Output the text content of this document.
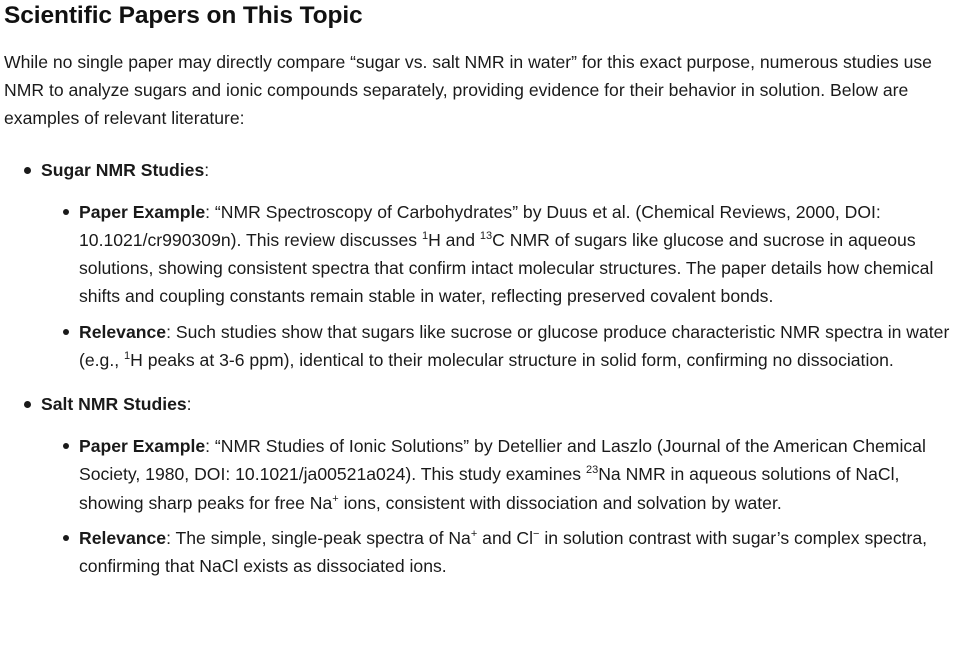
Scientific Papers on This Topic

While no single paper may directly compare “sugar vs. salt NMR in water” for this exact purpose, numerous studies use NMR to analyze sugars and ionic compounds separately, providing evidence for their behavior in solution. Below are examples of relevant literature:

Sugar NMR Studies:
Paper Example: “NMR Spectroscopy of Carbohydrates” by Duus et al. (Chemical Reviews, 2000, DOI: 10.1021/cr990309n). This review discusses $^1$H and $^{13}$C NMR of sugars like glucose and sucrose in aqueous solutions, showing consistent spectra that confirm intact molecular structures. The paper details how chemical shifts and coupling constants remain stable in water, reflecting preserved covalent bonds.
Relevance: Such studies show that sugars like sucrose or glucose produce characteristic NMR spectra in water (e.g., $^1$H peaks at 3-6 ppm), identical to their molecular structure in solid form, confirming no dissociation.
Salt NMR Studies:
Paper Example: “NMR Studies of Ionic Solutions” by Detellier and Laszlo (Journal of the American Chemical Society, 1980, DOI: 10.1021/ja00521a024). This study examines $^{23}$Na NMR in aqueous solutions of NaCl, showing sharp peaks for free Na+ ions, consistent with dissociation and solvation by water.
Relevance: The simple, single-peak spectra of Na+ and Cl− in solution contrast with sugar’s complex spectra, confirming that NaCl exists as dissociated ions.
